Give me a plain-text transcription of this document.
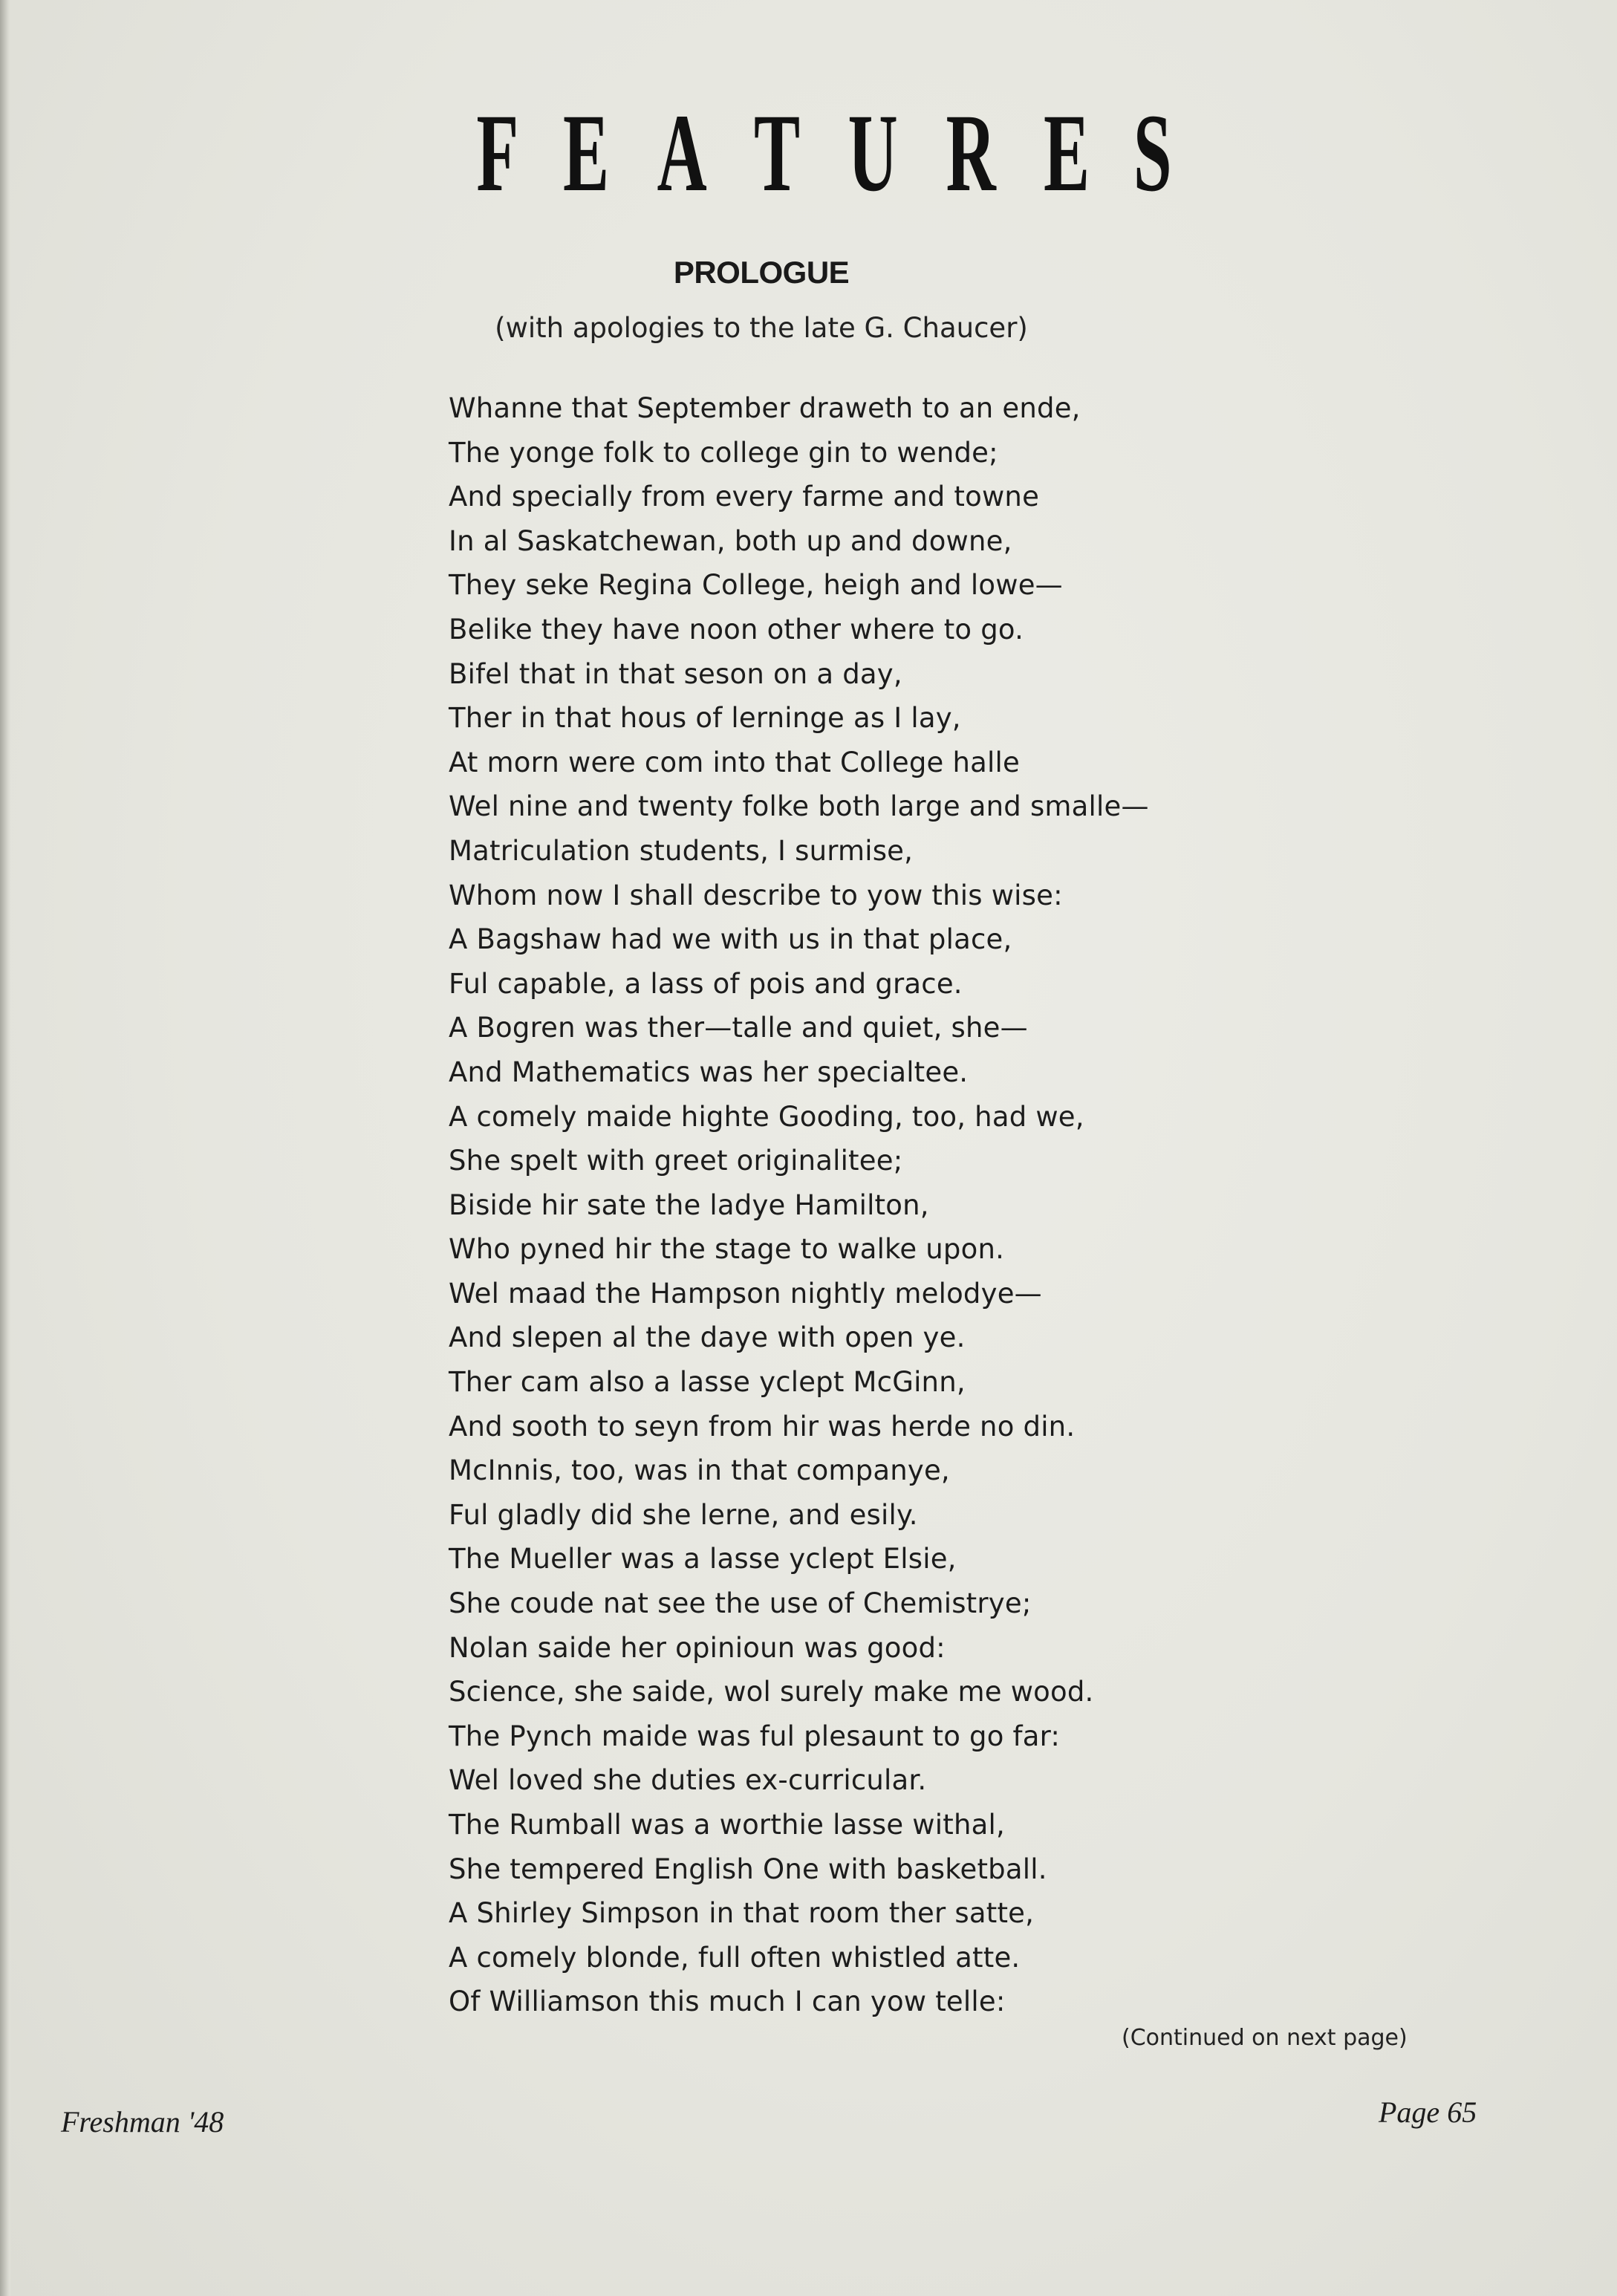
F E A T U R E S
PROLOGUE
(with apologies to the late G. Chaucer)
Whanne that September draweth to an ende,
The yonge folk to college gin to wende;
And specially from every farme and towne
In al Saskatchewan, both up and downe,
They seke Regina College, heigh and lowe—
Belike they have noon other where to go.
Bifel that in that seson on a day,
Ther in that hous of lerninge as I lay,
At morn were com into that College halle
Wel nine and twenty folke both large and smalle—
Matriculation students, I surmise,
Whom now I shall describe to yow this wise:
A Bagshaw had we with us in that place,
Ful capable, a lass of pois and grace.
A Bogren was ther—talle and quiet, she—
And Mathematics was her specialtee.
A comely maide highte Gooding, too, had we,
She spelt with greet originalitee;
Biside hir sate the ladye Hamilton,
Who pyned hir the stage to walke upon.
Wel maad the Hampson nightly melodye—
And slepen al the daye with open ye.
Ther cam also a lasse yclept McGinn,
And sooth to seyn from hir was herde no din.
McInnis, too, was in that companye,
Ful gladly did she lerne, and esily.
The Mueller was a lasse yclept Elsie,
She coude nat see the use of Chemistrye;
Nolan saide her opinioun was good:
Science, she saide, wol surely make me wood.
The Pynch maide was ful plesaunt to go far:
Wel loved she duties ex-curricular.
The Rumball was a worthie lasse withal,
She tempered English One with basketball.
A Shirley Simpson in that room ther satte,
A comely blonde, full often whistled atte.
Of Williamson this much I can yow telle:
(Continued on next page)
Freshman '48	Page 65
